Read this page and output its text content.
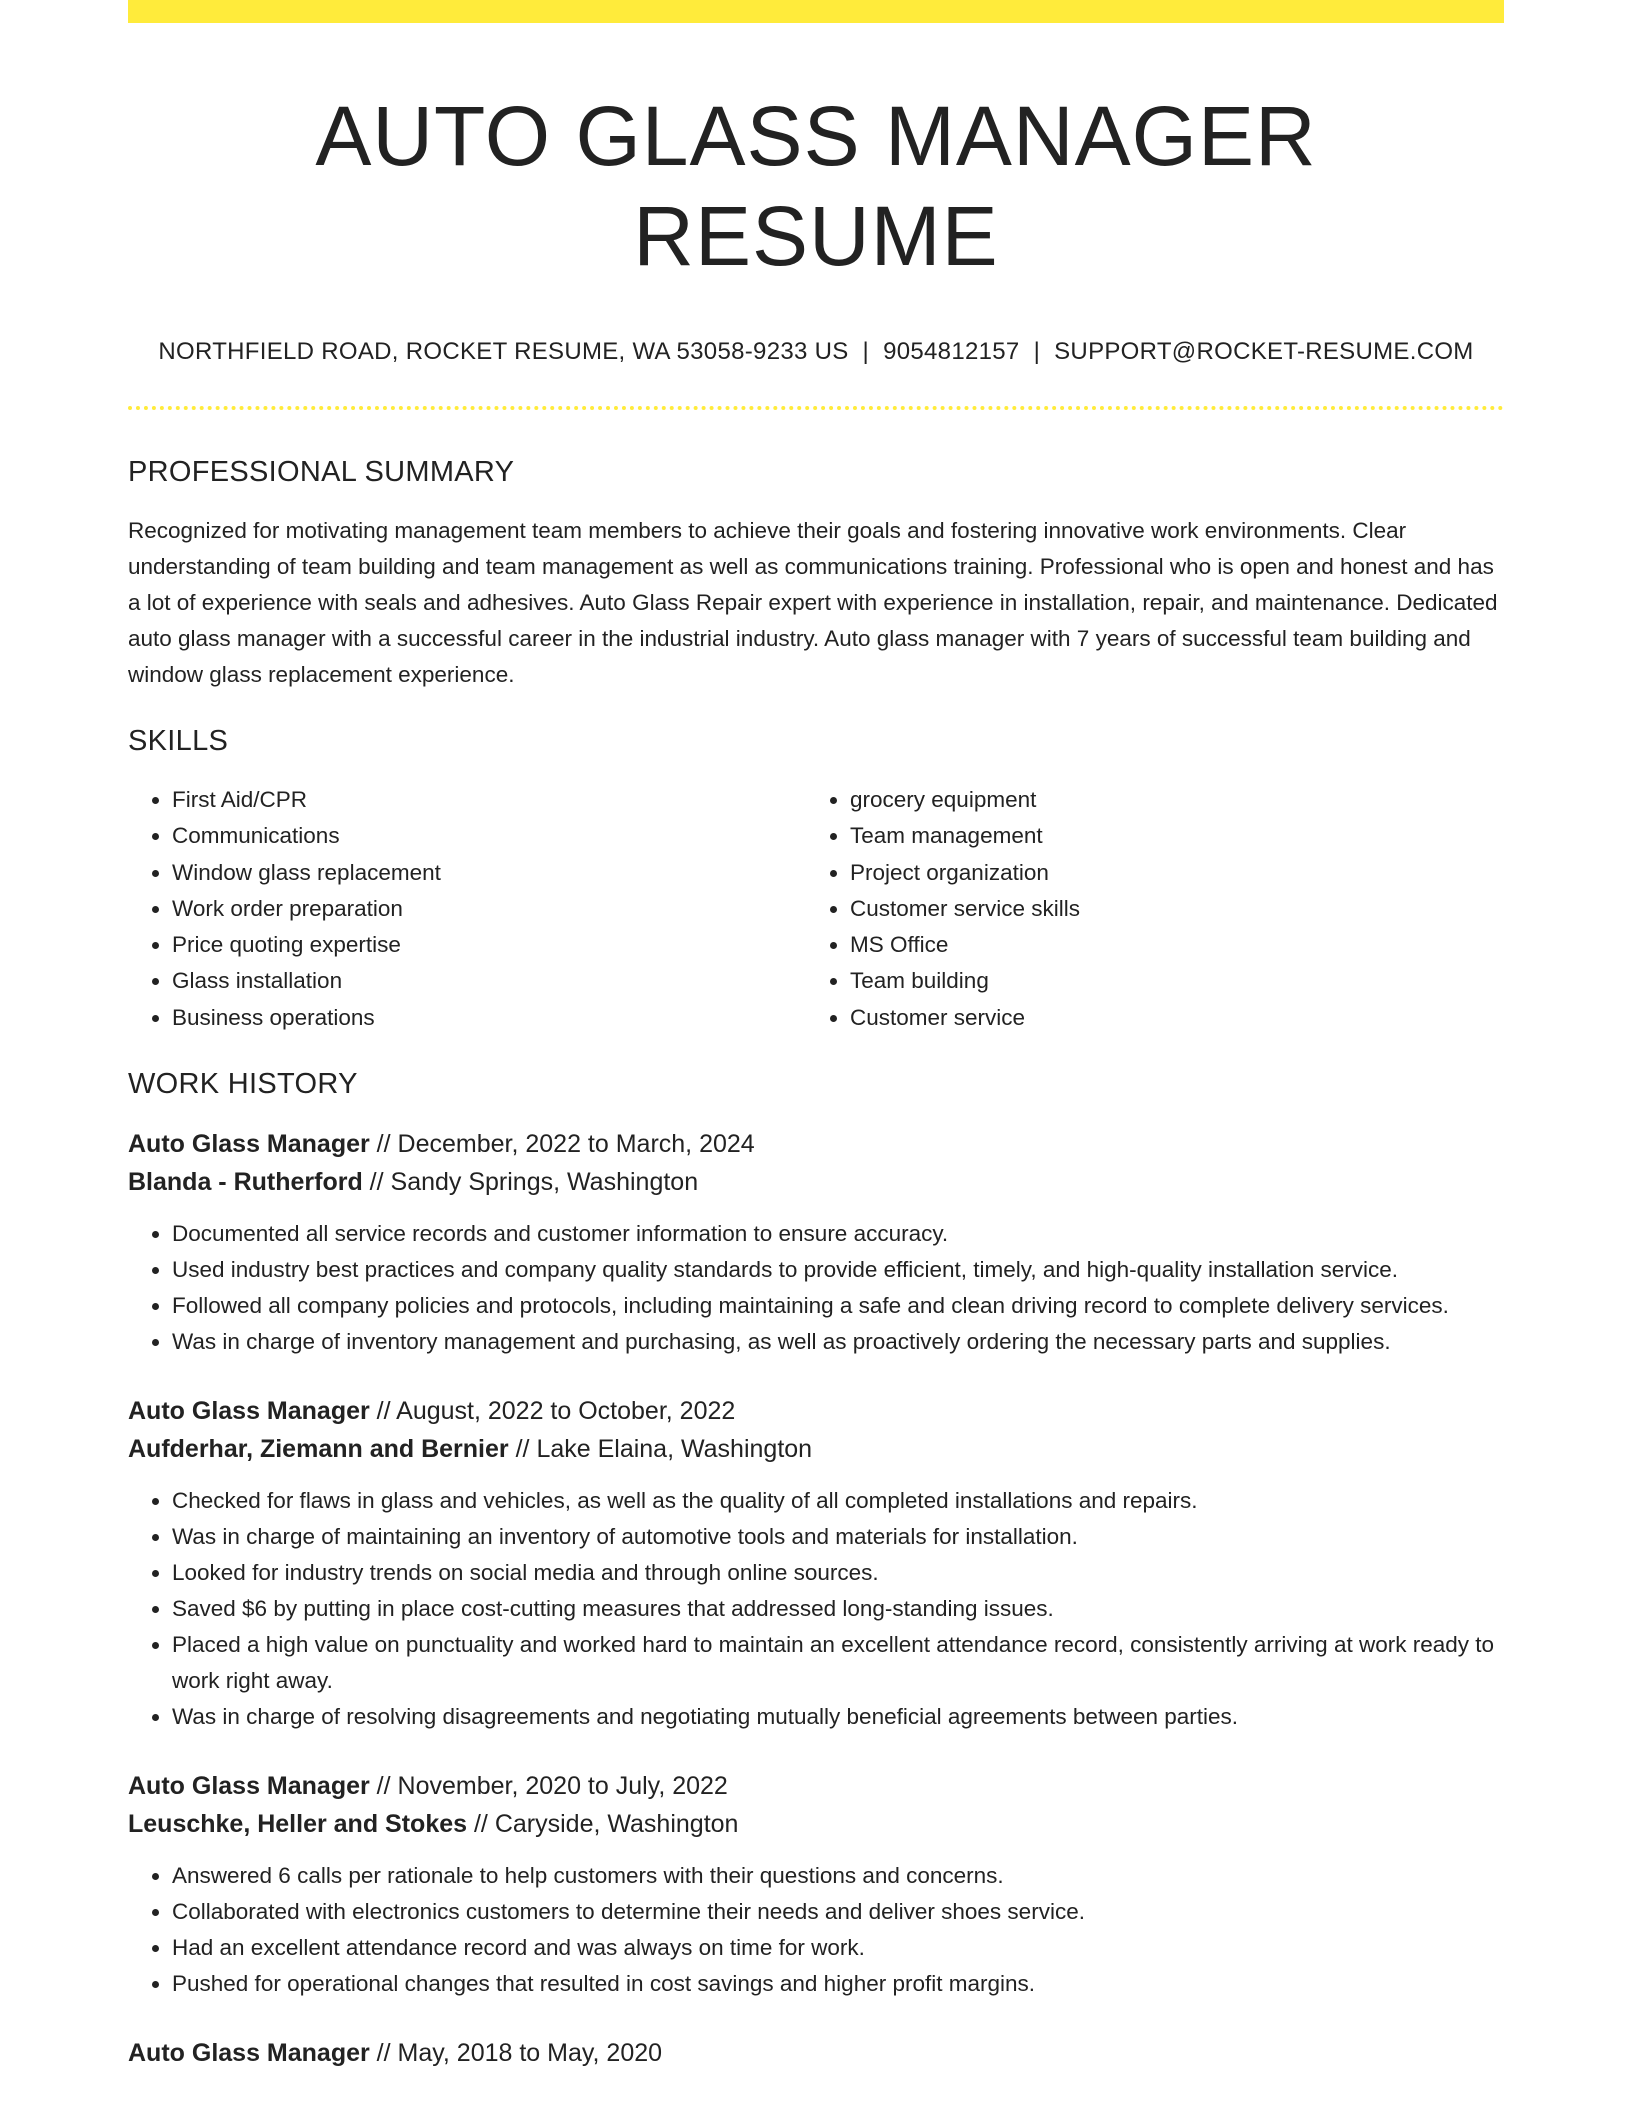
AUTO GLASS MANAGER RESUME
NORTHFIELD ROAD, ROCKET RESUME, WA 53058-9233 US | 9054812157 | SUPPORT@ROCKET-RESUME.COM
PROFESSIONAL SUMMARY
Recognized for motivating management team members to achieve their goals and fostering innovative work environments. Clear understanding of team building and team management as well as communications training. Professional who is open and honest and has a lot of experience with seals and adhesives. Auto Glass Repair expert with experience in installation, repair, and maintenance. Dedicated auto glass manager with a successful career in the industrial industry. Auto glass manager with 7 years of successful team building and window glass replacement experience.
SKILLS
• First Aid/CPR
• Communications
• Window glass replacement
• Work order preparation
• Price quoting expertise
• Glass installation
• Business operations
• grocery equipment
• Team management
• Project organization
• Customer service skills
• MS Office
• Team building
• Customer service
WORK HISTORY
Auto Glass Manager // December, 2022 to March, 2024
Blanda - Rutherford // Sandy Springs, Washington
• Documented all service records and customer information to ensure accuracy.
• Used industry best practices and company quality standards to provide efficient, timely, and high-quality installation service.
• Followed all company policies and protocols, including maintaining a safe and clean driving record to complete delivery services.
• Was in charge of inventory management and purchasing, as well as proactively ordering the necessary parts and supplies.
Auto Glass Manager // August, 2022 to October, 2022
Aufderhar, Ziemann and Bernier // Lake Elaina, Washington
• Checked for flaws in glass and vehicles, as well as the quality of all completed installations and repairs.
• Was in charge of maintaining an inventory of automotive tools and materials for installation.
• Looked for industry trends on social media and through online sources.
• Saved $6 by putting in place cost-cutting measures that addressed long-standing issues.
• Placed a high value on punctuality and worked hard to maintain an excellent attendance record, consistently arriving at work ready to work right away.
• Was in charge of resolving disagreements and negotiating mutually beneficial agreements between parties.
Auto Glass Manager // November, 2020 to July, 2022
Leuschke, Heller and Stokes // Caryside, Washington
• Answered 6 calls per rationale to help customers with their questions and concerns.
• Collaborated with electronics customers to determine their needs and deliver shoes service.
• Had an excellent attendance record and was always on time for work.
• Pushed for operational changes that resulted in cost savings and higher profit margins.
Auto Glass Manager // May, 2018 to May, 2020
